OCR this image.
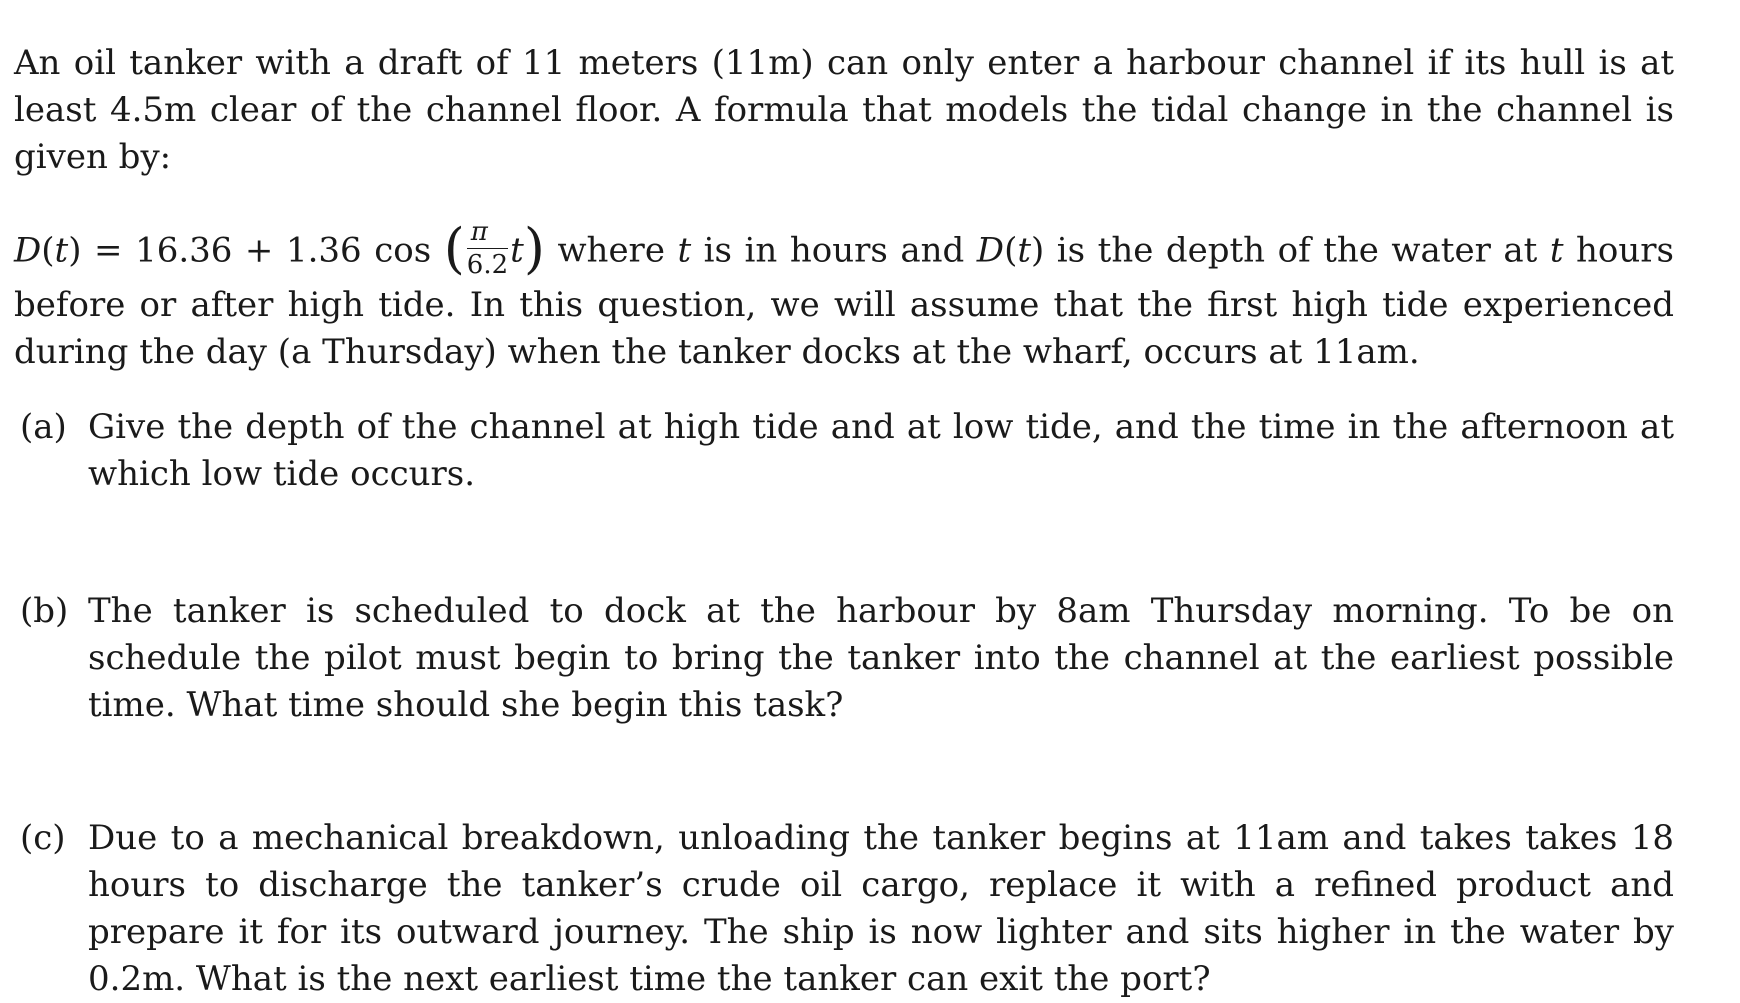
An oil tanker with a draft of 11 meters (11m) can only enter a harbour channel if its hull is at least 4.5m clear of the channel floor. A formula that models the tidal change in the channel is given by:

D(t) = 16.36 + 1.36 cos ( $\frac{\pi}{6.2} t$) where t is in hours and D(t) is the depth of the water at t hours before or after high tide. In this question, we will assume that the first high tide experienced during the day (a Thursday) when the tanker docks at the wharf, occurs at 11am.

(a) Give the depth of the channel at high tide and at low tide, and the time in the afternoon at which low tide occurs.
(b) The tanker is scheduled to dock at the harbour by 8am Thursday morning. To be on schedule the pilot must begin to bring the tanker into the channel at the earliest possible time. What time should she begin this task?
(c) Due to a mechanical breakdown, unloading the tanker begins at 11am and takes takes 18 hours to discharge the tanker’s crude oil cargo, replace it with a refined product and prepare it for its outward journey. The ship is now lighter and sits higher in the water by 0.2m. What is the next earliest time the tanker can exit the port?
